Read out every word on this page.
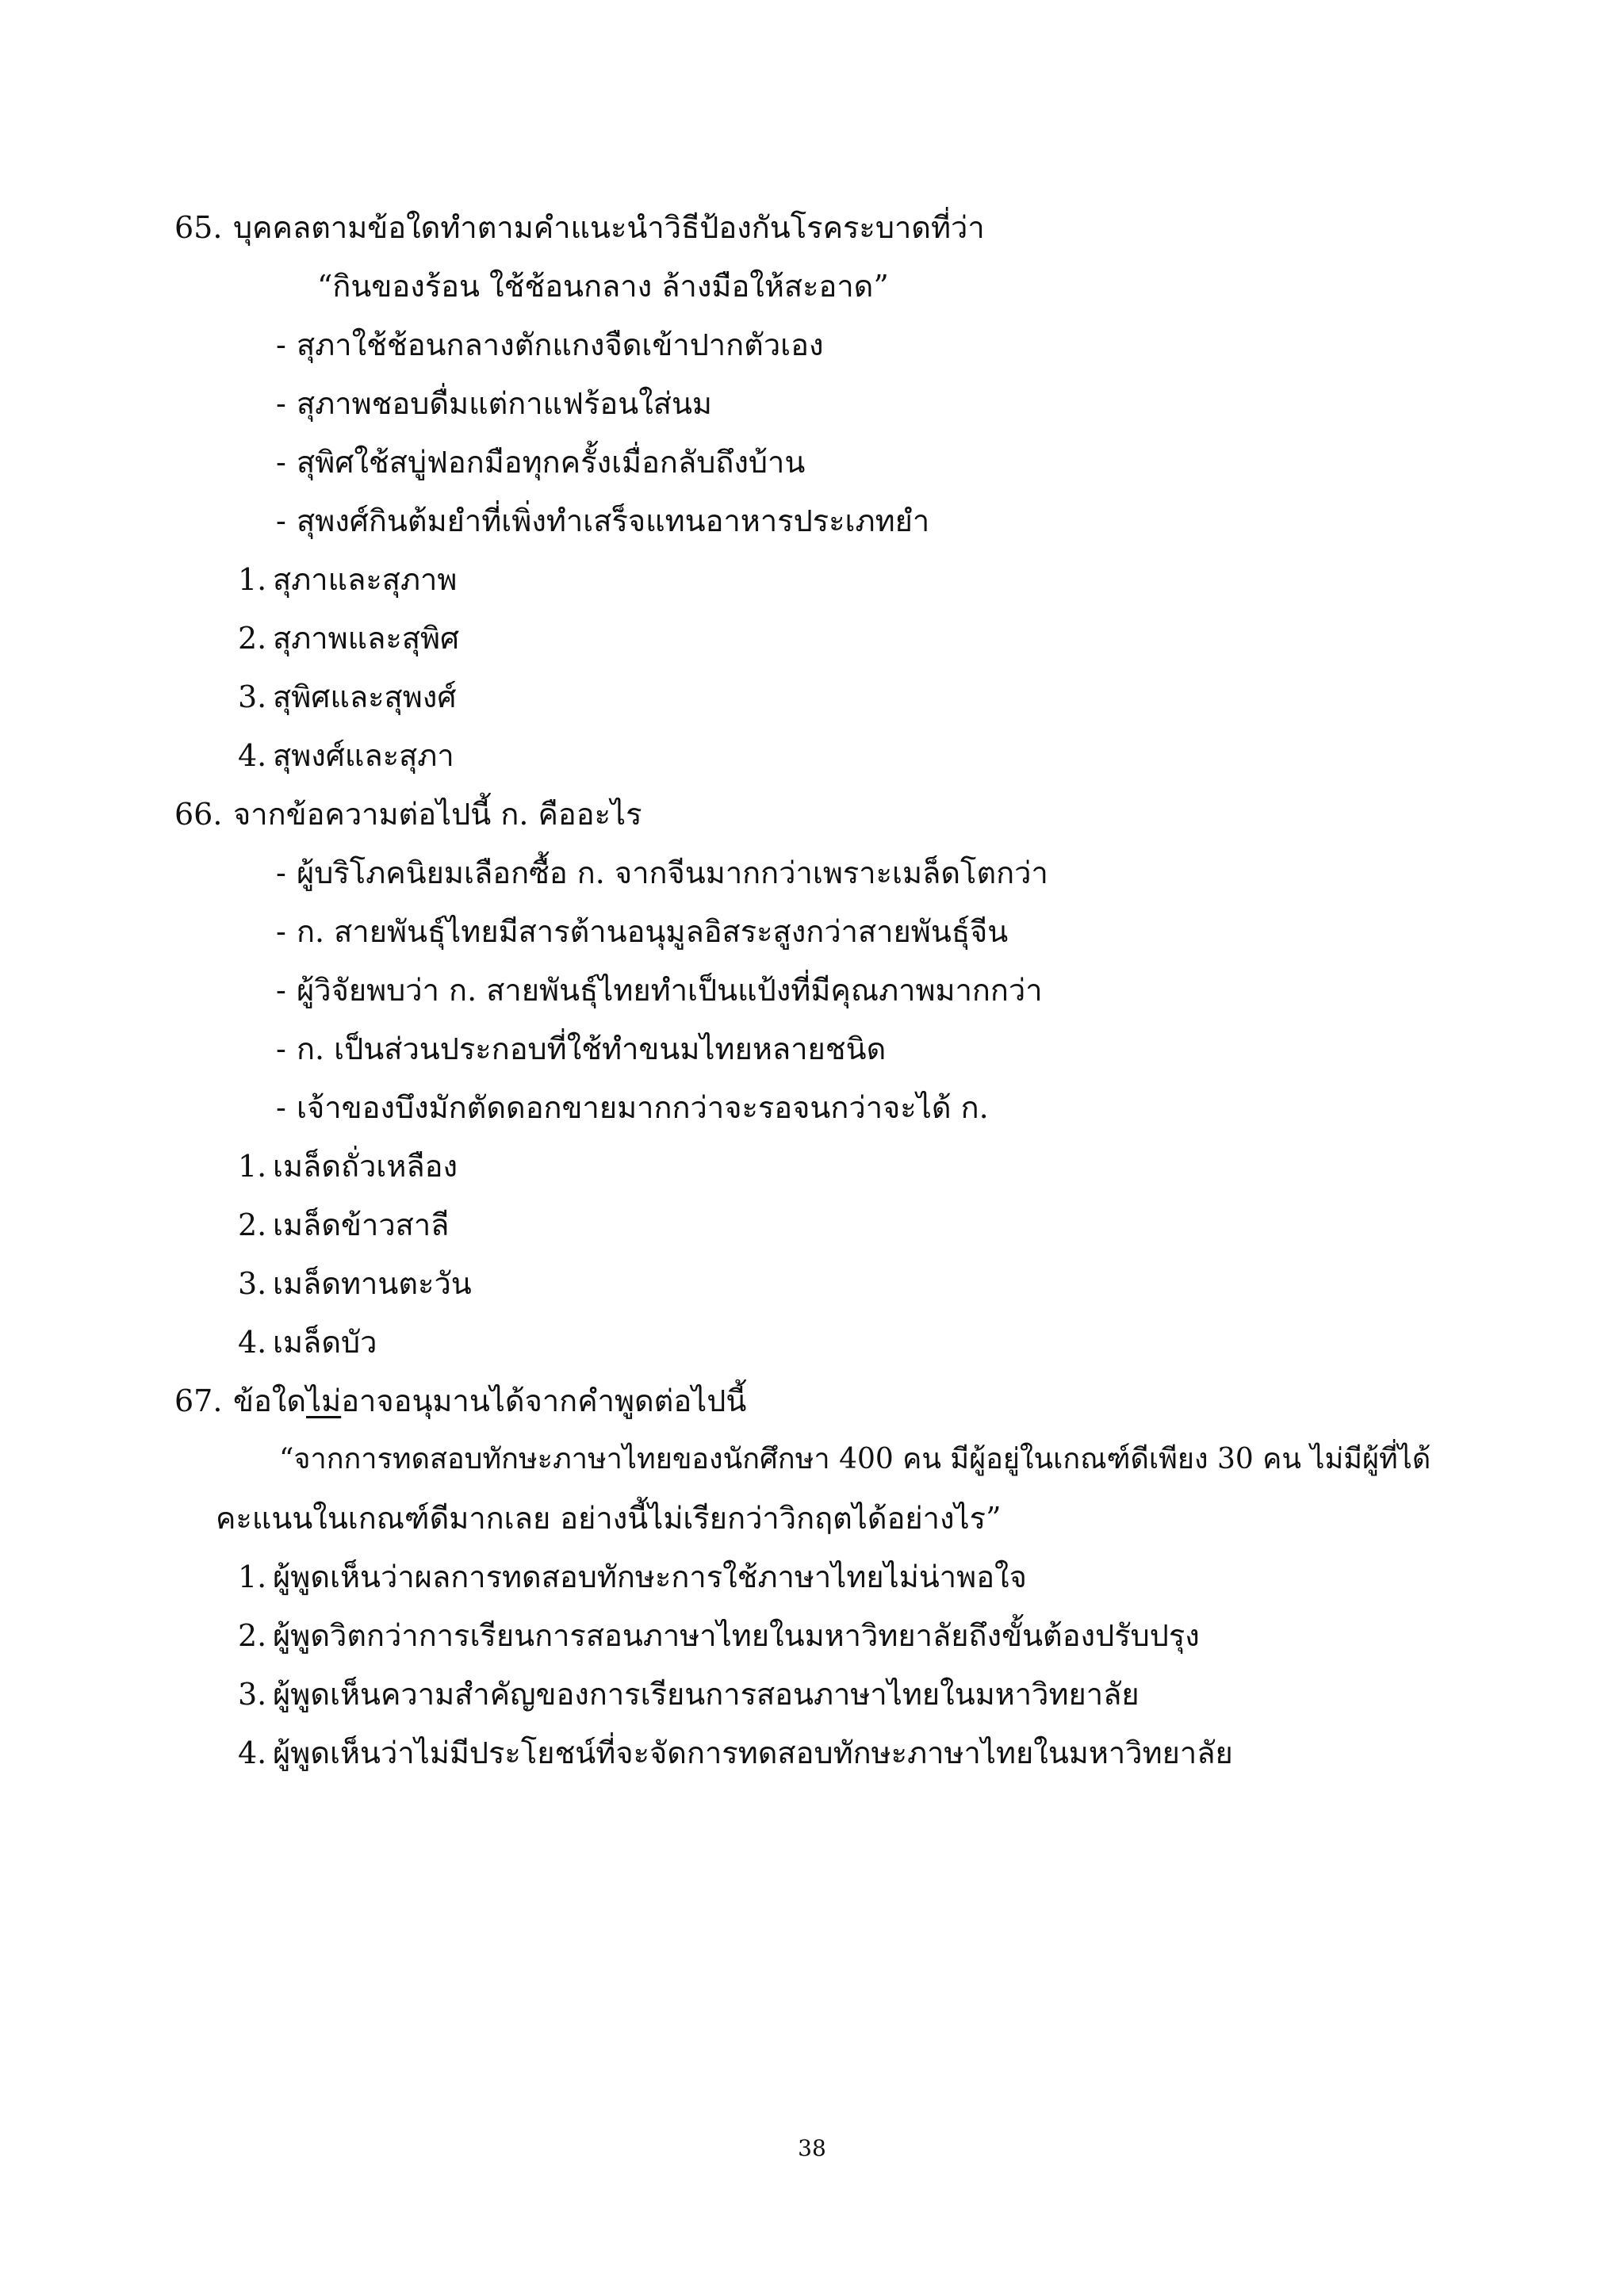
65. บุคคลตามข้อใดทำตามคำแนะนำวิธีป้องกันโรคระบาดที่ว่า
“กินของร้อน ใช้ช้อนกลาง ล้างมือให้สะอาด”
- สุภาใช้ช้อนกลางตักแกงจืดเข้าปากตัวเอง
- สุภาพชอบดื่มแต่กาแฟร้อนใส่นม
- สุพิศใช้สบู่ฟอกมือทุกครั้งเมื่อกลับถึงบ้าน
- สุพงศ์กินต้มยำที่เพิ่งทำเสร็จแทนอาหารประเภทยำ
1. สุภาและสุภาพ
2. สุภาพและสุพิศ
3. สุพิศและสุพงศ์
4. สุพงศ์และสุภา
66. จากข้อความต่อไปนี้ ก. คืออะไร
- ผู้บริโภคนิยมเลือกซื้อ ก. จากจีนมากกว่าเพราะเมล็ดโตกว่า
- ก. สายพันธุ์ไทยมีสารต้านอนุมูลอิสระสูงกว่าสายพันธุ์จีน
- ผู้วิจัยพบว่า ก. สายพันธุ์ไทยทำเป็นแป้งที่มีคุณภาพมากกว่า
- ก. เป็นส่วนประกอบที่ใช้ทำขนมไทยหลายชนิด
- เจ้าของบึงมักตัดดอกขายมากกว่าจะรอจนกว่าจะได้ ก.
1. เมล็ดถั่วเหลือง
2. เมล็ดข้าวสาลี
3. เมล็ดทานตะวัน
4. เมล็ดบัว
67. ข้อใดไม่อาจอนุมานได้จากคำพูดต่อไปนี้
“จากการทดสอบทักษะภาษาไทยของนักศึกษา 400 คน มีผู้อยู่ในเกณฑ์ดีเพียง 30 คน ไม่มีผู้ที่ได้
คะแนนในเกณฑ์ดีมากเลย อย่างนี้ไม่เรียกว่าวิกฤตได้อย่างไร”
1. ผู้พูดเห็นว่าผลการทดสอบทักษะการใช้ภาษาไทยไม่น่าพอใจ
2. ผู้พูดวิตกว่าการเรียนการสอนภาษาไทยในมหาวิทยาลัยถึงขั้นต้องปรับปรุง
3. ผู้พูดเห็นความสำคัญของการเรียนการสอนภาษาไทยในมหาวิทยาลัย
4. ผู้พูดเห็นว่าไม่มีประโยชน์ที่จะจัดการทดสอบทักษะภาษาไทยในมหาวิทยาลัย
38
